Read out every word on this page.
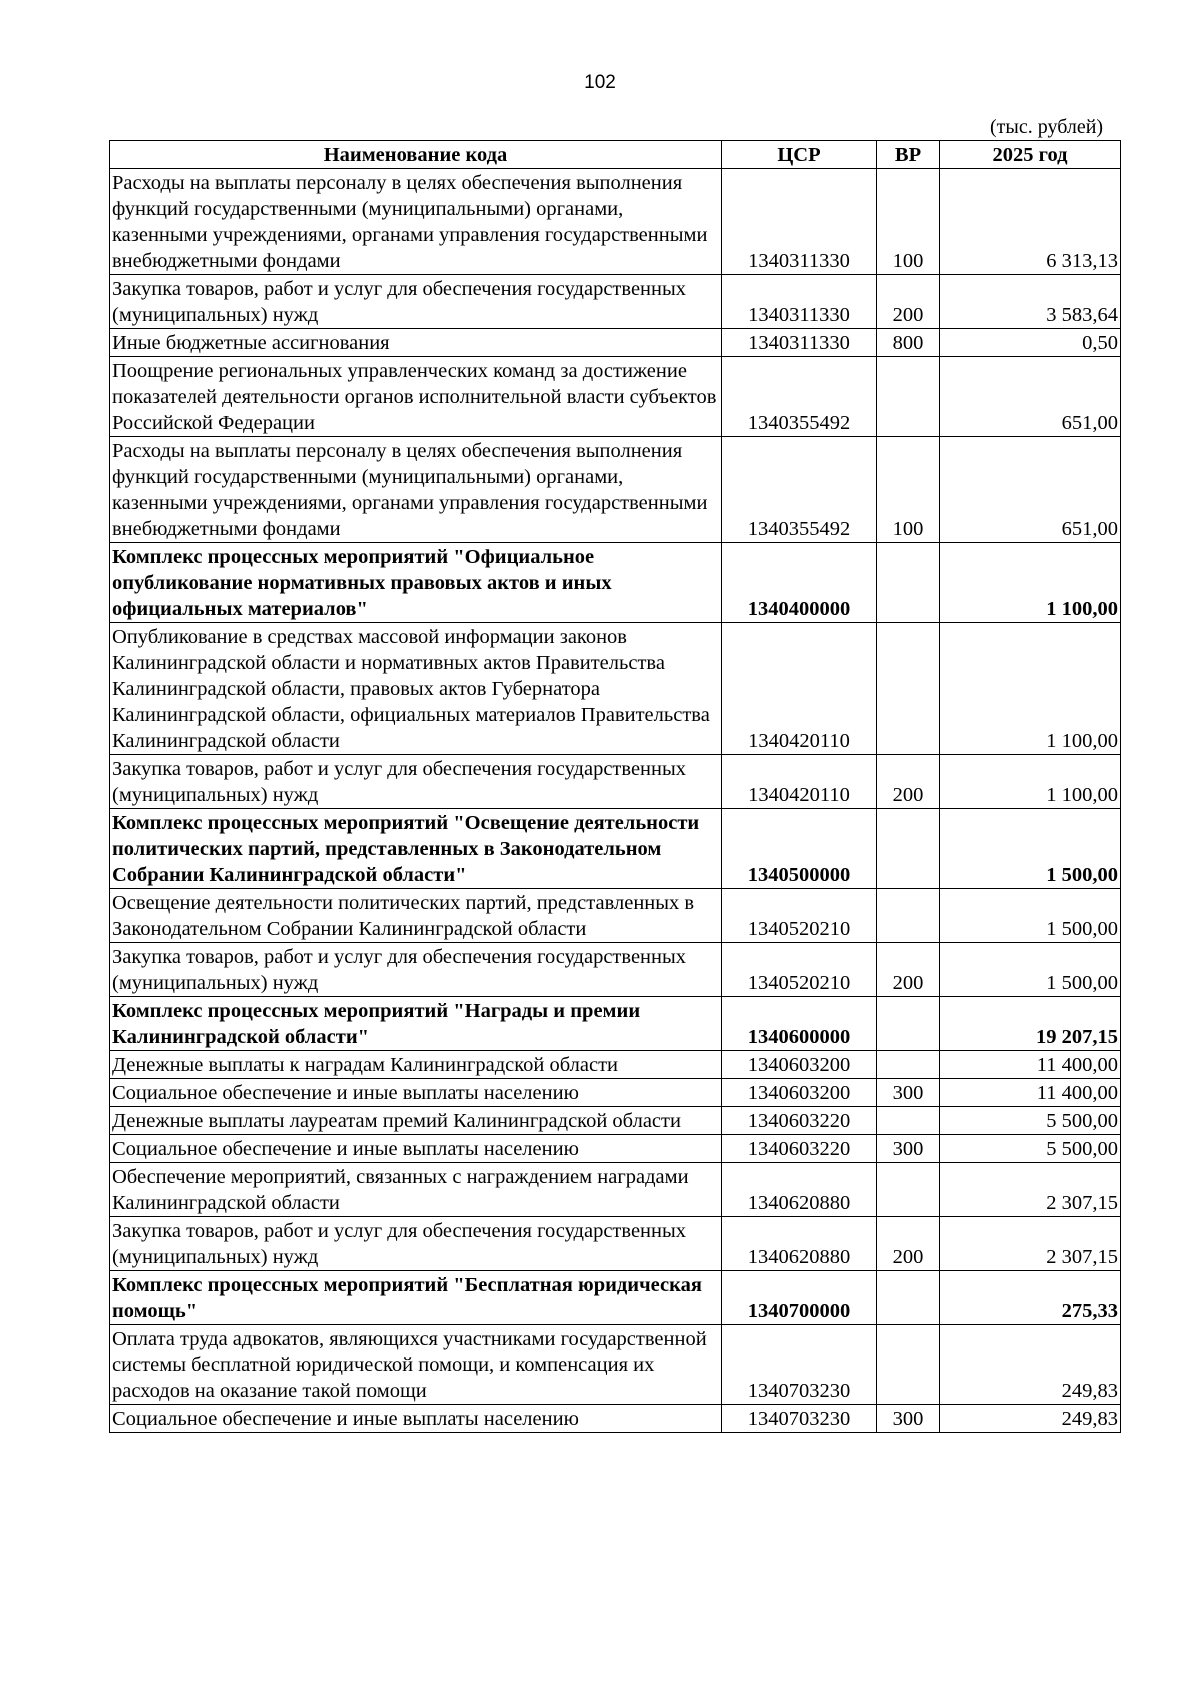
102
(тыс. рублей)
Наименование кода	ЦСР	ВР	2025 год
Расходы на выплаты персоналу в целях обеспечения выполнения функций государственными (муниципальными) органами, казенными учреждениями, органами управления государственными внебюджетными фондами	1340311330	100	6 313,13
Закупка товаров, работ и услуг для обеспечения государственных (муниципальных) нужд	1340311330	200	3 583,64
Иные бюджетные ассигнования	1340311330	800	0,50
Поощрение региональных управленческих команд за достижение показателей деятельности органов исполнительной власти субъектов Российской Федерации	1340355492		651,00
Расходы на выплаты персоналу в целях обеспечения выполнения функций государственными (муниципальными) органами, казенными учреждениями, органами управления государственными внебюджетными фондами	1340355492	100	651,00
Комплекс процессных мероприятий "Официальное опубликование нормативных правовых актов и иных официальных материалов"	1340400000		1 100,00
Опубликование в средствах массовой информации законов Калининградской области и нормативных актов Правительства Калининградской области, правовых актов Губернатора Калининградской области, официальных материалов Правительства Калининградской области	1340420110		1 100,00
Закупка товаров, работ и услуг для обеспечения государственных (муниципальных) нужд	1340420110	200	1 100,00
Комплекс процессных мероприятий "Освещение деятельности политических партий, представленных в Законодательном Собрании Калининградской области"	1340500000		1 500,00
Освещение деятельности политических партий, представленных в Законодательном Собрании Калининградской области	1340520210		1 500,00
Закупка товаров, работ и услуг для обеспечения государственных (муниципальных) нужд	1340520210	200	1 500,00
Комплекс процессных мероприятий "Награды и премии Калининградской области"	1340600000		19 207,15
Денежные выплаты к наградам Калининградской области	1340603200		11 400,00
Социальное обеспечение и иные выплаты населению	1340603200	300	11 400,00
Денежные выплаты лауреатам премий Калининградской области	1340603220		5 500,00
Социальное обеспечение и иные выплаты населению	1340603220	300	5 500,00
Обеспечение мероприятий, связанных с награждением наградами Калининградской области	1340620880		2 307,15
Закупка товаров, работ и услуг для обеспечения государственных (муниципальных) нужд	1340620880	200	2 307,15
Комплекс процессных мероприятий "Бесплатная юридическая помощь"	1340700000		275,33
Оплата труда адвокатов, являющихся участниками государственной системы бесплатной юридической помощи, и компенсация их расходов на оказание такой помощи	1340703230		249,83
Социальное обеспечение и иные выплаты населению	1340703230	300	249,83
